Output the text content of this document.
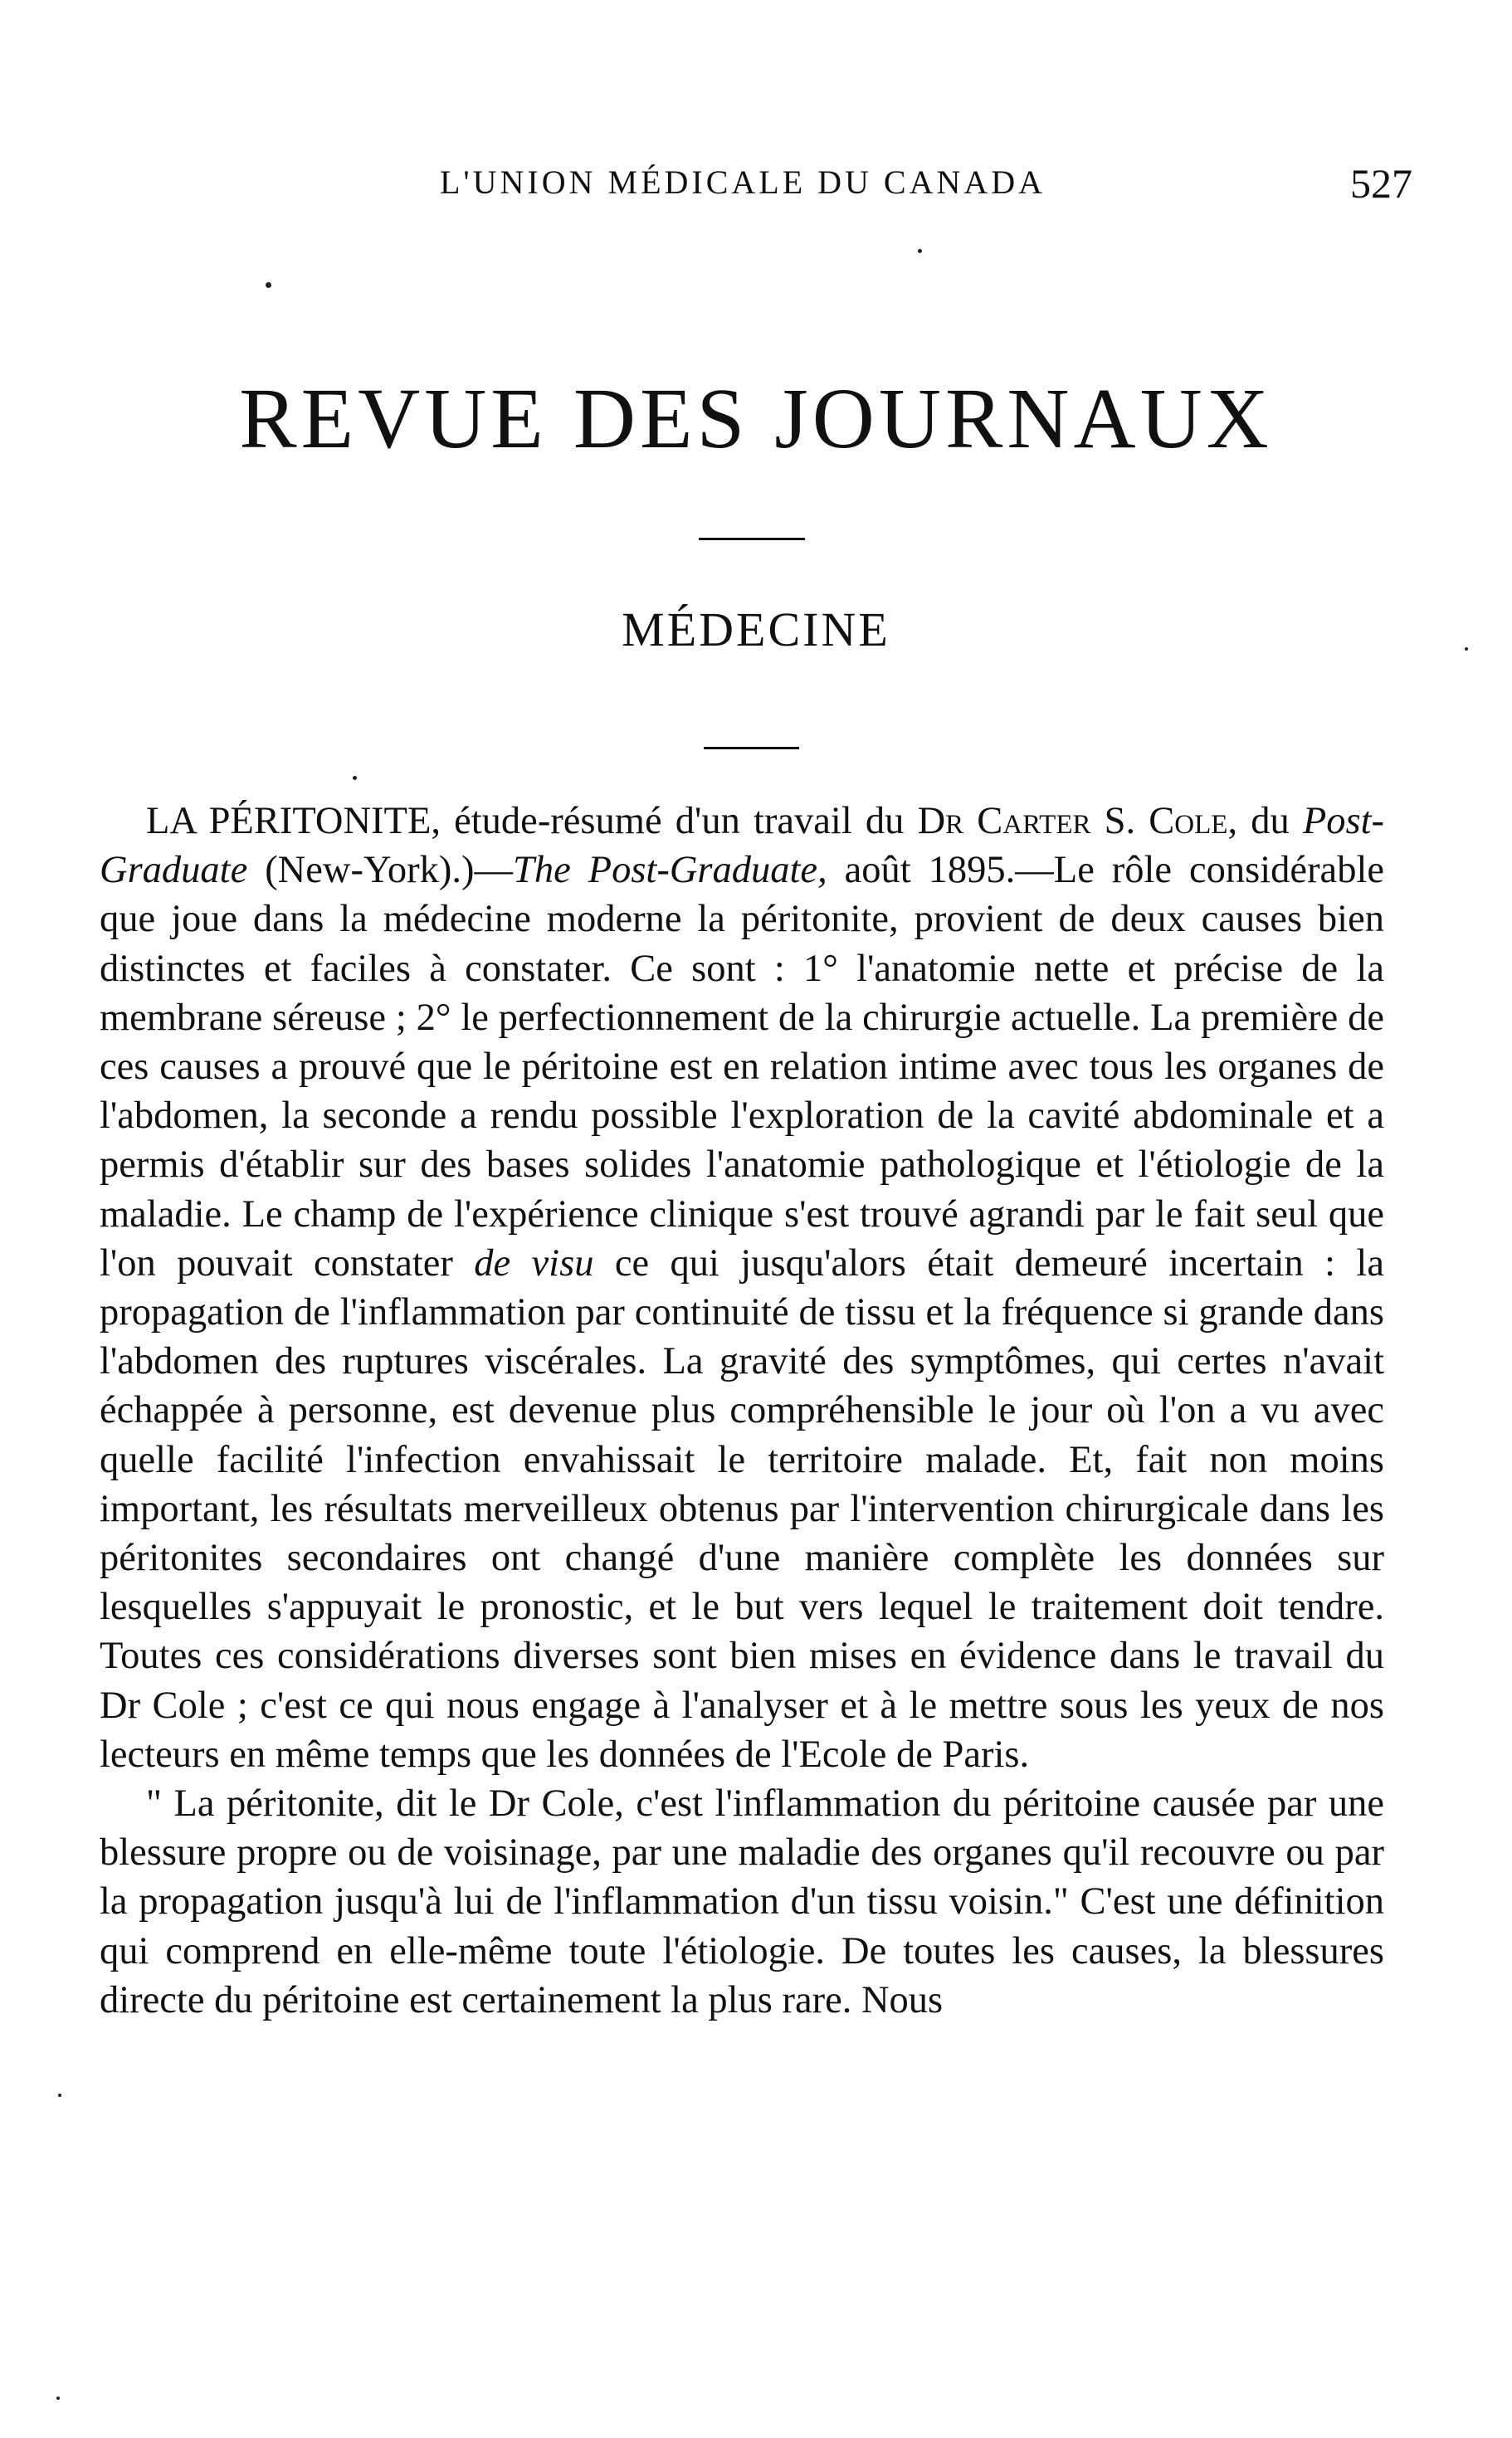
L'UNION MÉDICALE DU CANADA	527
REVUE DES JOURNAUX
MÉDECINE

LA PÉRITONITE, étude-résumé d'un travail du Dr Carter S. Cole, du Post-Graduate (New-York).)—The Post-Graduate, août 1895.—Le rôle considérable que joue dans la médecine moderne la péritonite, provient de deux causes bien distinctes et faciles à constater. Ce sont : 1° l'anatomie nette et précise de la membrane séreuse ; 2° le perfectionnement de la chirurgie actuelle. La première de ces causes a prouvé que le péritoine est en relation intime avec tous les organes de l'abdomen, la seconde a rendu possible l'exploration de la cavité abdominale et a permis d'établir sur des bases solides l'anatomie pathologique et l'étiologie de la maladie. Le champ de l'expérience clinique s'est trouvé agrandi par le fait seul que l'on pouvait constater de visu ce qui jusqu'alors était demeuré incertain : la propagation de l'inflammation par continuité de tissu et la fréquence si grande dans l'abdomen des ruptures viscérales. La gravité des symptômes, qui certes n'avait échappée à personne, est devenue plus compréhensible le jour où l'on a vu avec quelle facilité l'infection envahissait le territoire malade. Et, fait non moins important, les résultats merveilleux obtenus par l'intervention chirurgicale dans les péritonites secondaires ont changé d'une manière complète les données sur lesquelles s'appuyait le pronostic, et le but vers lequel le traitement doit tendre. Toutes ces considérations diverses sont bien mises en évidence dans le travail du Dr Cole ; c'est ce qui nous engage à l'analyser et à le mettre sous les yeux de nos lecteurs en même temps que les données de l'Ecole de Paris.

" La péritonite, dit le Dr Cole, c'est l'inflammation du péritoine causée par une blessure propre ou de voisinage, par une maladie des organes qu'il recouvre ou par la propagation jusqu'à lui de l'inflammation d'un tissu voisin." C'est une définition qui comprend en elle-même toute l'étiologie. De toutes les causes, la blessures directe du péritoine est certainement la plus rare. Nous
